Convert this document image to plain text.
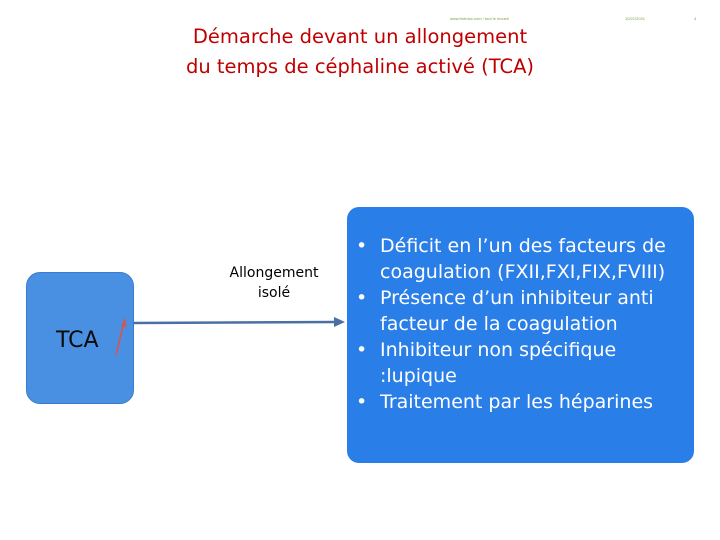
www.fmtrdoc.com / tout le recueil	10/21/2021	4
Démarche devant un allongement
du temps de céphaline activé (TCA)
TCA
Allongement
isolé
• Déficit en l’un des facteurs de
coagulation (FXII,FXI,FIX,FVIII)
• Présence d’un inhibiteur anti
facteur de la coagulation
• Inhibiteur non spécifique
:lupique
• Traitement par les héparines
